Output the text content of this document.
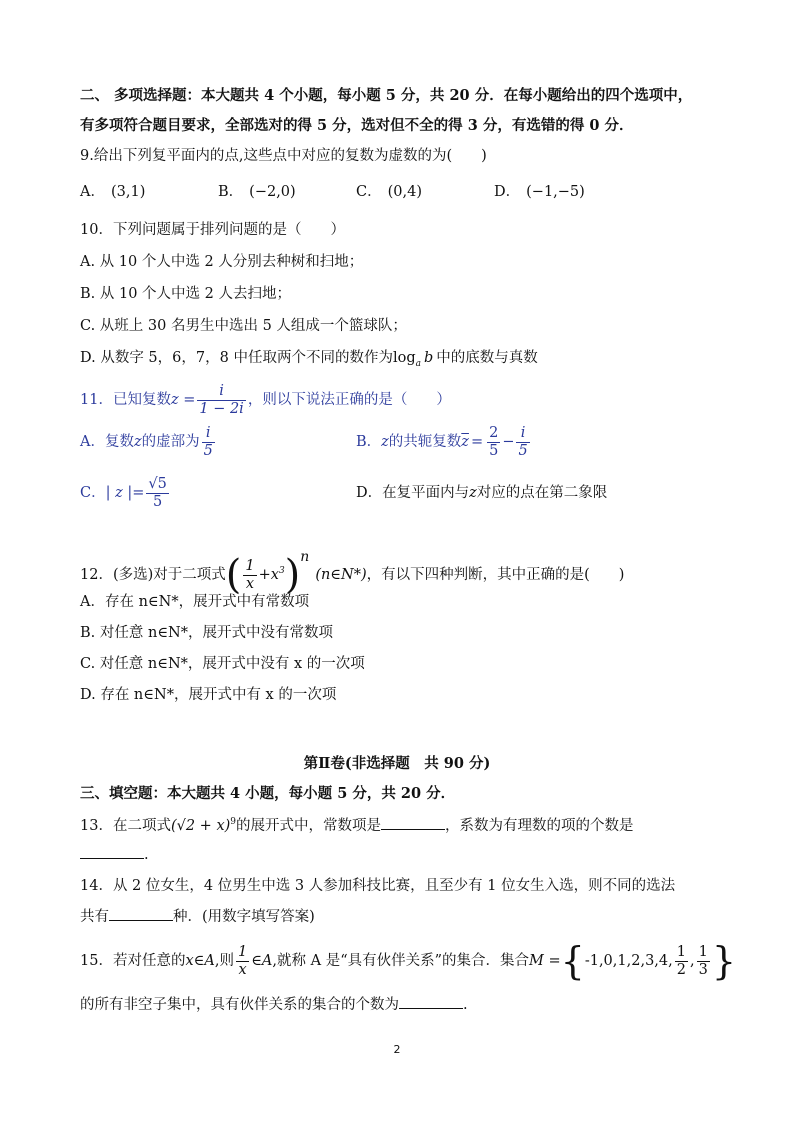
二、 多项选择题：本大题共 4 个小题，每小题 5 分，共 20 分．在每小题给出的四个选项中，
有多项符合题目要求，全部选对的得 5 分，选对但不全的得 3 分，有选错的得 0 分．
9.给出下列复平面内的点,这些点中对应的复数为虚数的为(　　)
A． (3,1)	B． (−2,0)	C． (0,4)	D． (−1,−5)
10．下列问题属于排列问题的是（　　）
A. 从 10 个人中选 2 人分别去种树和扫地；
B. 从 10 个人中选 2 人去扫地；
C. 从班上 30 名男生中选出 5 人组成一个篮球队；
D. 从数字 5，6，7，8 中任取两个不同的数作为$\log_a b$ 中的底数与真数
11．已知复数$z = \frac{i}{1 - 2i}$ ，则以下说法正确的是（　　）
A．复数z的虚部为 $\frac{i}{5}$	B．z的共轭复数$\overline{z} = \frac{2}{5} - \frac{i}{5}$
C．| z |= $\frac{√5}{5}$	D．在复平面内与z对应的点在第二象限
12．(多选)对于二项式( $\frac{1}{x}$ $+x^3)^n(n\in N*)$，有以下四种判断，其中正确的是(　　)
A．存在 n∈N*，展开式中有常数项
B. 对任意 n∈N*，展开式中没有常数项
C. 对任意 n∈N*，展开式中没有 x 的一次项
D. 存在 n∈N*，展开式中有 x 的一次项
第Ⅱ卷(非选择题　共 90 分)
三、填空题：本大题共 4 小题，每小题 5 分，共 20 分．
13．在二项式$(√2 + x)^9$的展开式中，常数项是	，系数为有理数的项的个数是
.
14．从 2 位女生，4 位男生中选 3 人参加科技比赛，且至少有 1 位女生入选，则不同的选法
共有	种．(用数字填写答案)
15．若对任意的x∈A,则 $\frac{1}{x}$ ∈A,就称 A 是“具有伙伴关系”的集合．集合M ={-1,0,1,2,3,4, $\frac{1}{2}$ , $\frac{1}{3}$ }
的所有非空子集中，具有伙伴关系的集合的个数为	.
2
